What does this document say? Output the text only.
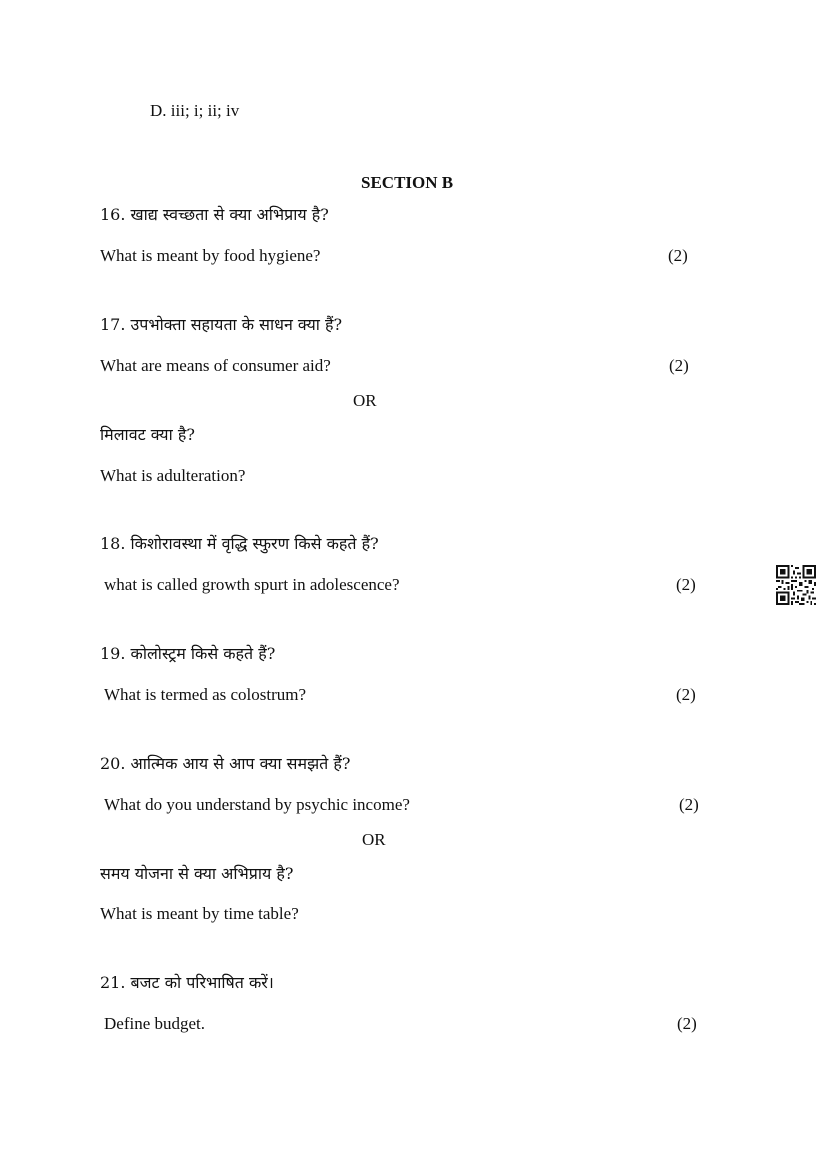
D. iii; i; ii; iv
SECTION B
16. खाद्य स्वच्छता से क्या अभिप्राय है?
What is meant by food hygiene?	(2)
17. उपभोक्ता सहायता के साधन क्या हैं?
What are means of consumer aid?	(2)
OR
मिलावट क्या है?
What is adulteration?
18. किशोरावस्था में वृद्धि स्फुरण किसे कहते हैं?
what is called growth spurt in adolescence?	(2)
19. कोलोस्ट्रम किसे कहते हैं?
What is termed as colostrum?	(2)
20. आत्मिक आय से आप क्या समझते हैं?
What do you understand by psychic income?	(2)
OR
समय योजना से क्या अभिप्राय है?
What is meant by time table?
21. बजट को परिभाषित करें।
Define budget.	(2)
